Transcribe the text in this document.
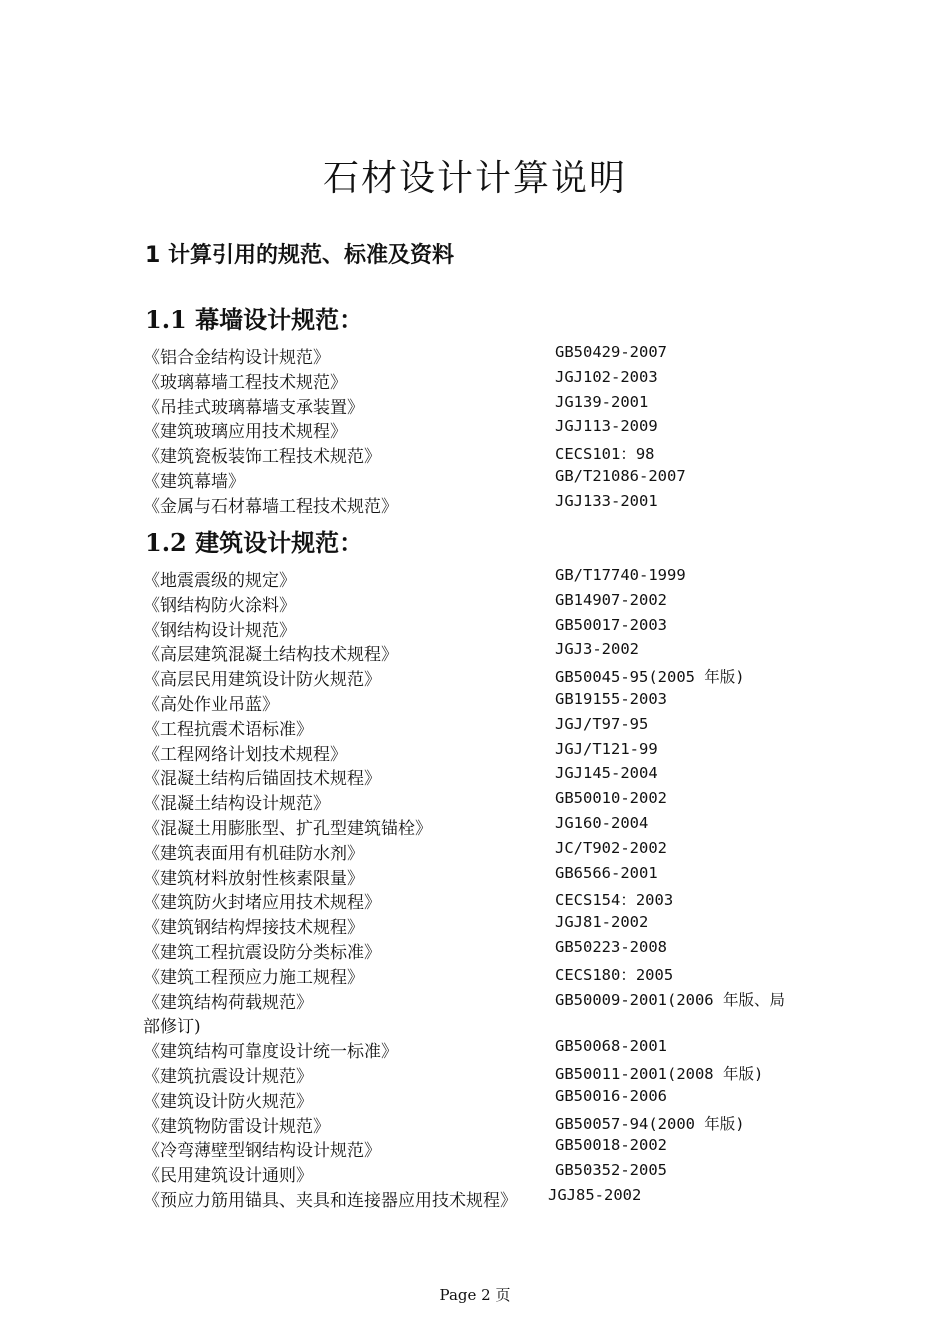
石材设计计算说明
1 计算引用的规范、标准及资料
1.1 幕墙设计规范：
《铝合金结构设计规范》	GB50429-2007
《玻璃幕墙工程技术规范》	JGJ102-2003
《吊挂式玻璃幕墙支承装置》	JG139-2001
《建筑玻璃应用技术规程》	JGJ113-2009
《建筑瓷板装饰工程技术规范》	CECS101：98
《建筑幕墙》	GB/T21086-2007
《金属与石材幕墙工程技术规范》	JGJ133-2001
1.2 建筑设计规范：
《地震震级的规定》	GB/T17740-1999
《钢结构防火涂料》	GB14907-2002
《钢结构设计规范》	GB50017-2003
《高层建筑混凝土结构技术规程》	JGJ3-2002
《高层民用建筑设计防火规范》	GB50045-95(2005 年版)
《高处作业吊蓝》	GB19155-2003
《工程抗震术语标准》	JGJ/T97-95
《工程网络计划技术规程》	JGJ/T121-99
《混凝土结构后锚固技术规程》	JGJ145-2004
《混凝土结构设计规范》	GB50010-2002
《混凝土用膨胀型、扩孔型建筑锚栓》	JG160-2004
《建筑表面用有机硅防水剂》	JC/T902-2002
《建筑材料放射性核素限量》	GB6566-2001
《建筑防火封堵应用技术规程》	CECS154：2003
《建筑钢结构焊接技术规程》	JGJ81-2002
《建筑工程抗震设防分类标准》	GB50223-2008
《建筑工程预应力施工规程》	CECS180：2005
《建筑结构荷载规范》	GB50009-2001(2006 年版、局
部修订)
《建筑结构可靠度设计统一标准》	GB50068-2001
《建筑抗震设计规范》	GB50011-2001(2008 年版)
《建筑设计防火规范》	GB50016-2006
《建筑物防雷设计规范》	GB50057-94(2000 年版)
《冷弯薄壁型钢结构设计规范》	GB50018-2002
《民用建筑设计通则》	GB50352-2005
《预应力筋用锚具、夹具和连接器应用技术规程》 JGJ85-2002
Page 2 页
